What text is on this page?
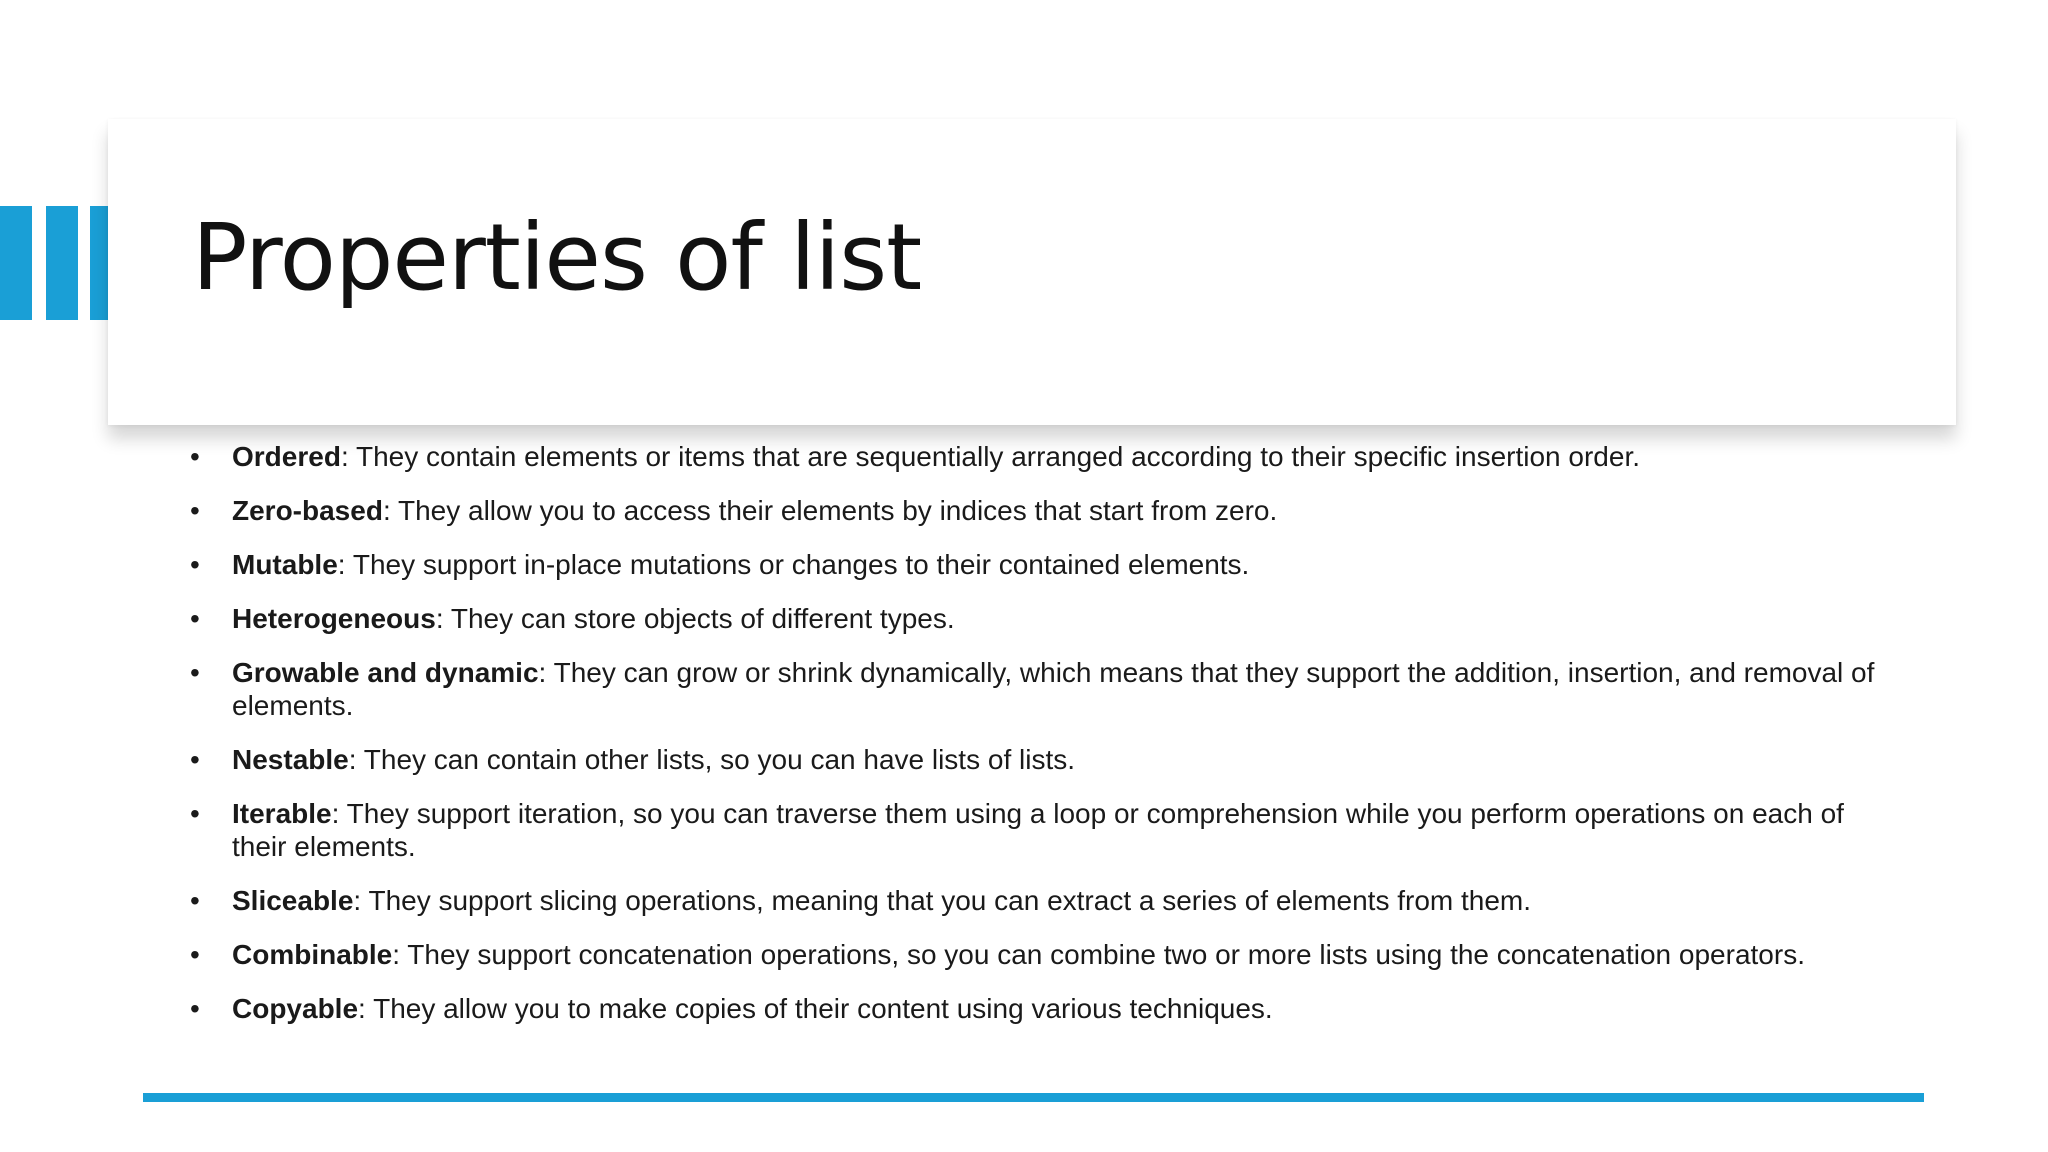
Properties of list
• Ordered: They contain elements or items that are sequentially arranged according to their specific insertion order.
• Zero-based: They allow you to access their elements by indices that start from zero.
• Mutable: They support in-place mutations or changes to their contained elements.
• Heterogeneous: They can store objects of different types.
• Growable and dynamic: They can grow or shrink dynamically, which means that they support the addition, insertion, and removal of elements.
• Nestable: They can contain other lists, so you can have lists of lists.
• Iterable: They support iteration, so you can traverse them using a loop or comprehension while you perform operations on each of their elements.
• Sliceable: They support slicing operations, meaning that you can extract a series of elements from them.
• Combinable: They support concatenation operations, so you can combine two or more lists using the concatenation operators.
• Copyable: They allow you to make copies of their content using various techniques.
